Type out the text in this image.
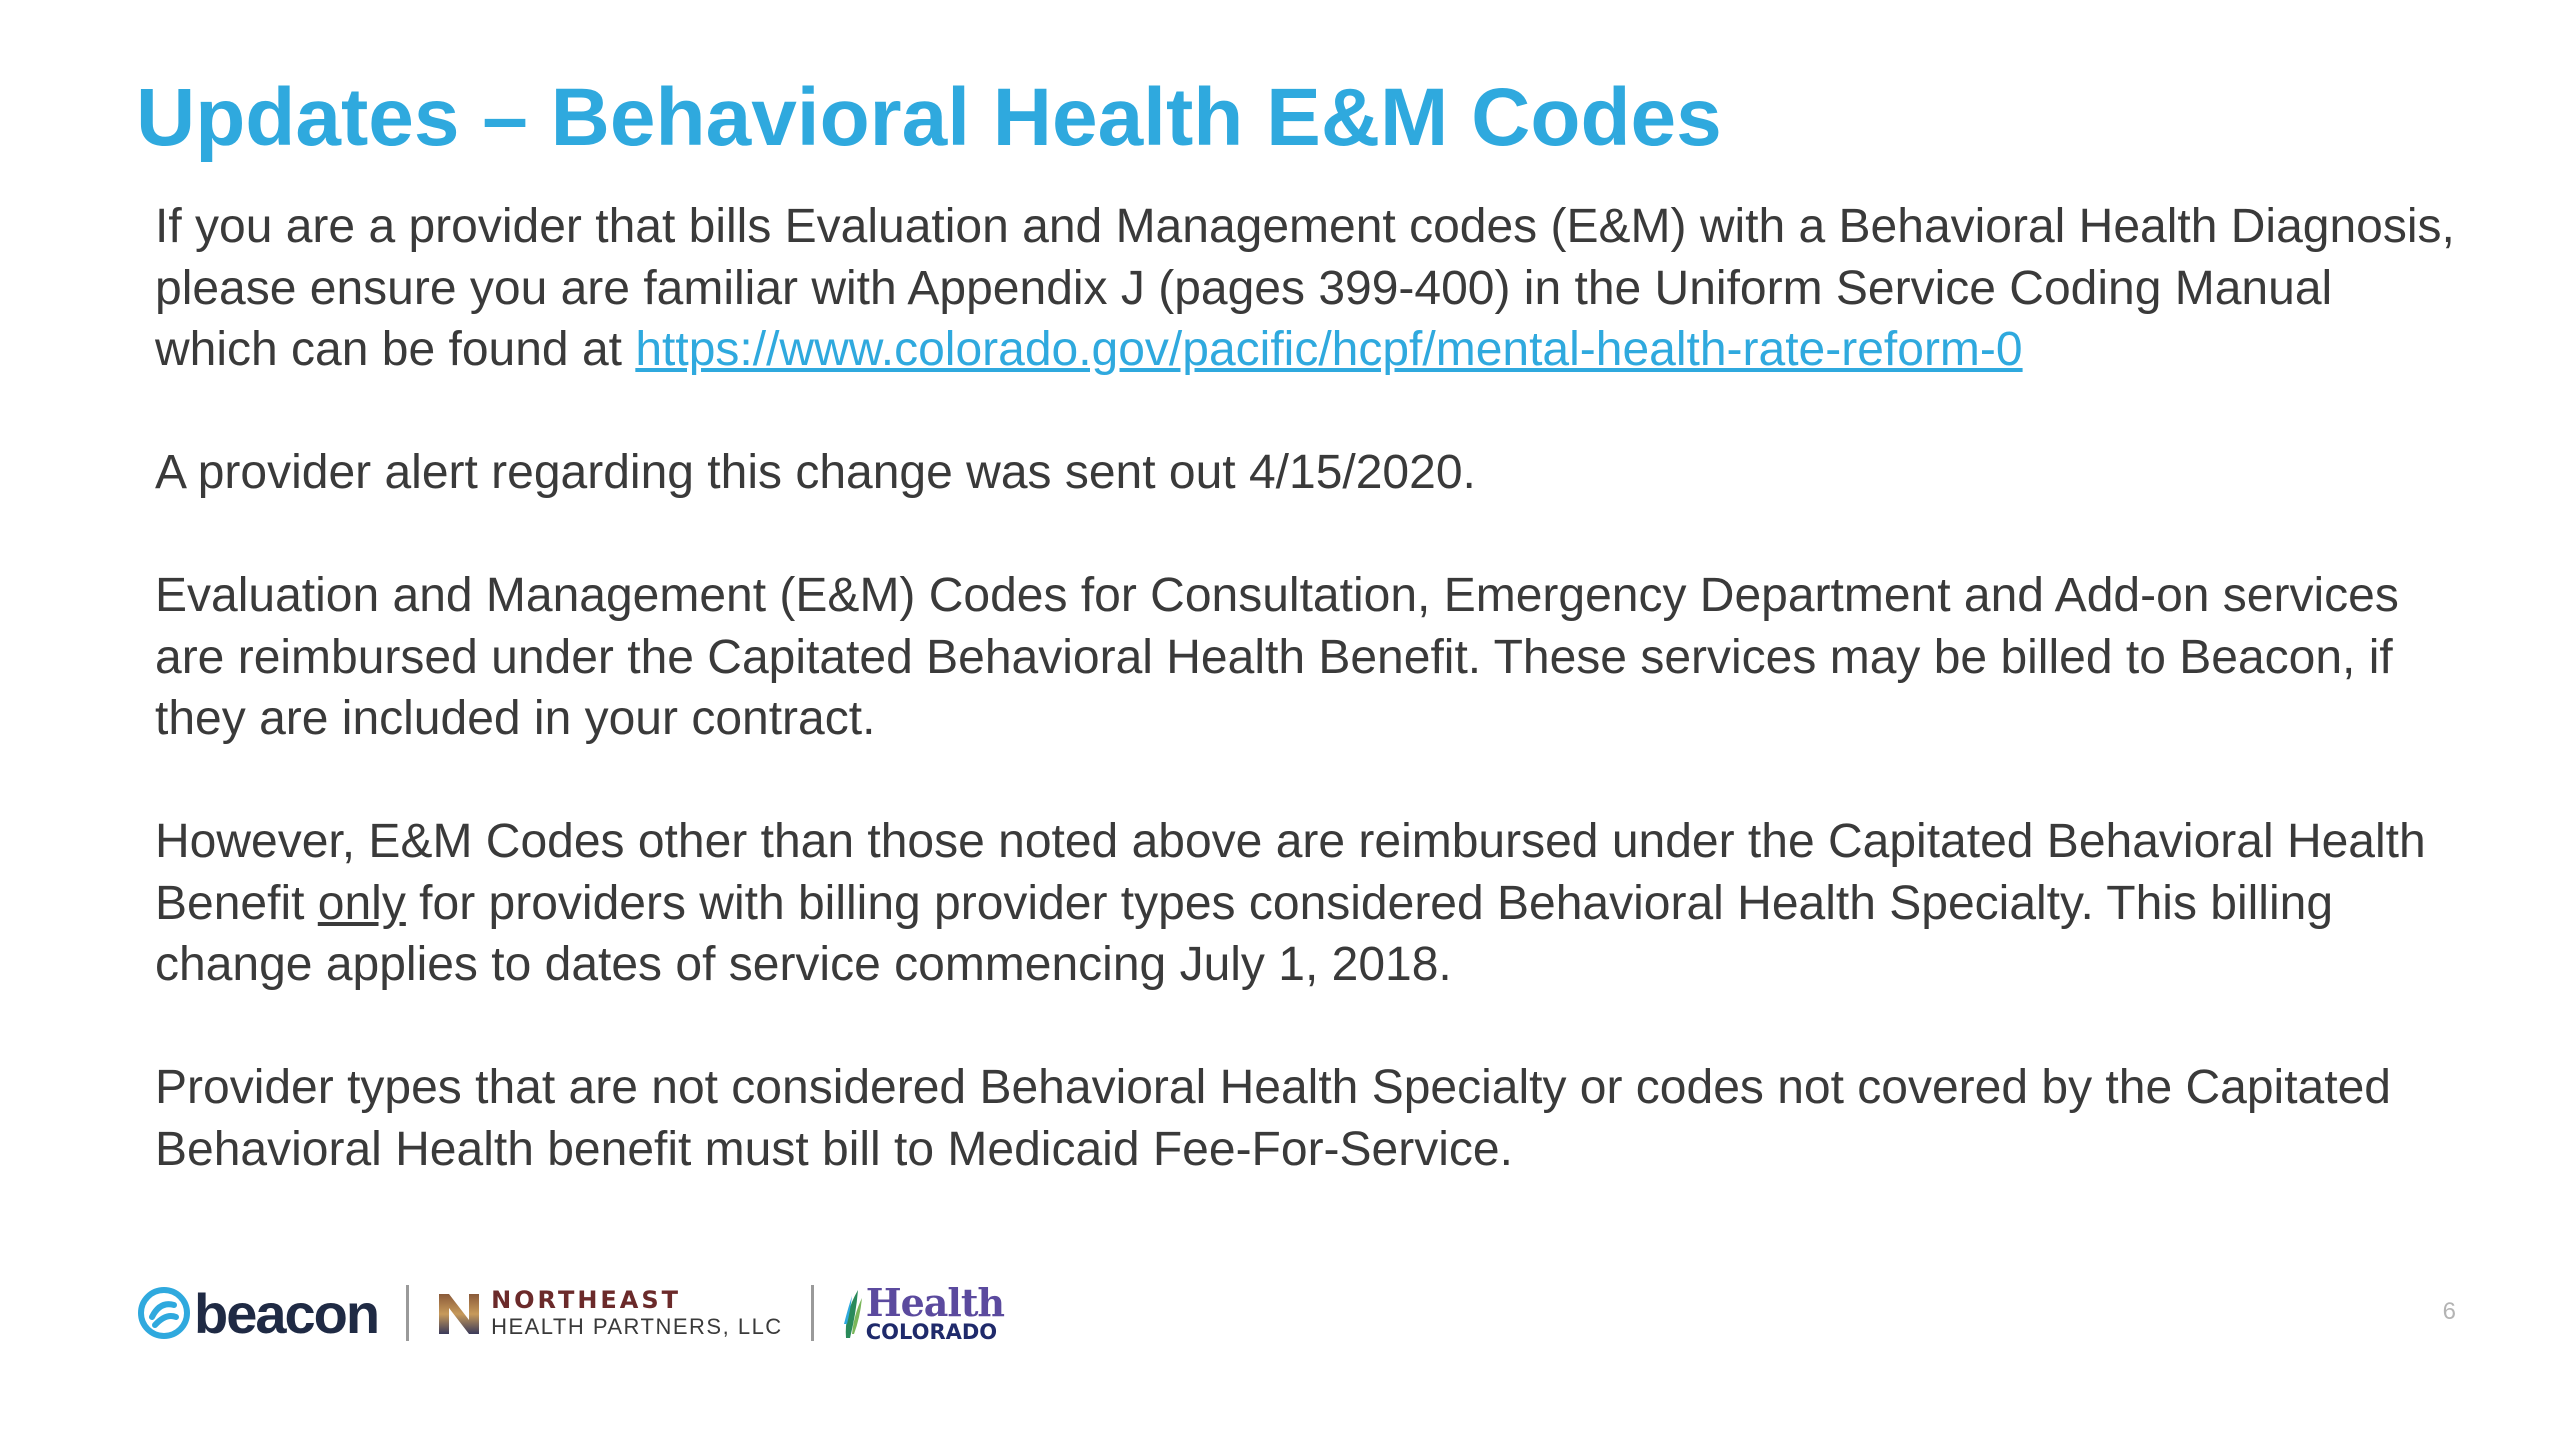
Updates – Behavioral Health E&M Codes

If you are a provider that bills Evaluation and Management codes (E&M) with a Behavioral Health Diagnosis, please ensure you are familiar with Appendix J (pages 399-400) in the Uniform Service Coding Manual which can be found at https://www.colorado.gov/pacific/hcpf/mental-health-rate-reform-0

A provider alert regarding this change was sent out 4/15/2020.

Evaluation and Management (E&M) Codes for Consultation, Emergency Department and Add-on services are reimbursed under the Capitated Behavioral Health Benefit. These services may be billed to Beacon, if they are included in your contract.

However, E&M Codes other than those noted above are reimbursed under the Capitated Behavioral Health Benefit only for providers with billing provider types considered Behavioral Health Specialty. This billing change applies to dates of service commencing July 1, 2018.

Provider types that are not considered Behavioral Health Specialty or codes not covered by the Capitated Behavioral Health benefit must bill to Medicaid Fee-For-Service.

beacon	NORTHEAST
HEALTH PARTNERS, LLC
Health
COLORADO
6
